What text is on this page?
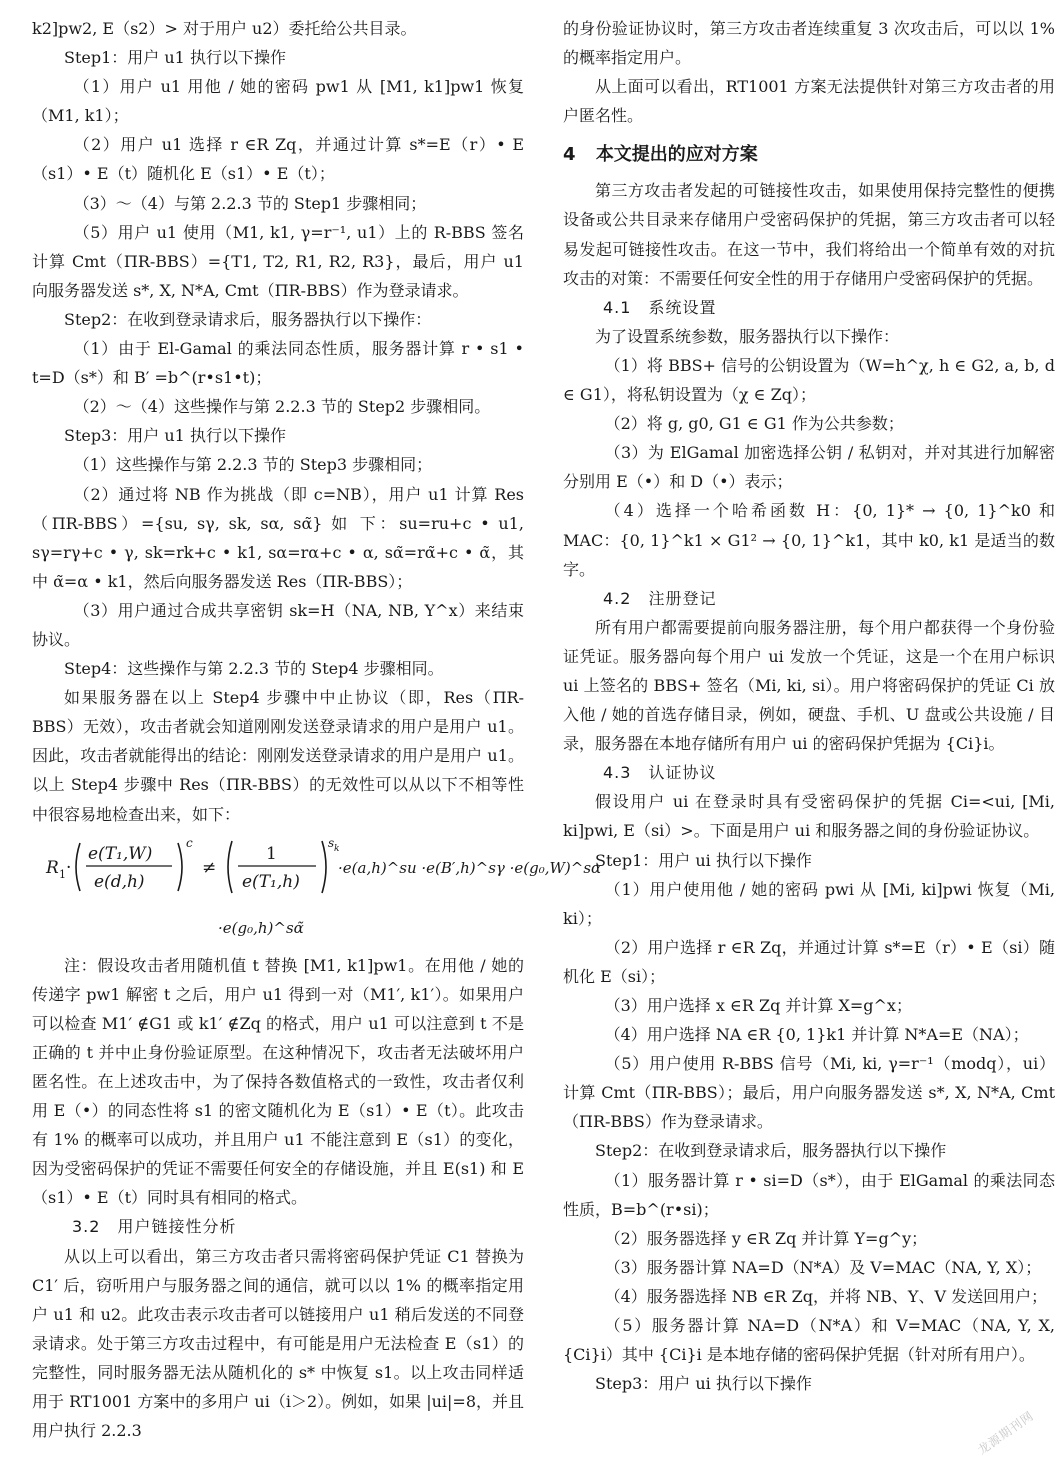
k2]pw2, E（s2）> 对于用户 u2）委托给公共目录。

Step1：用户 u1 执行以下操作

（1）用户 u1 用他 / 她的密码 pw1 从 [M1, k1]pw1 恢复（M1, k1）；

（2）用户 u1 选择 r ∈R Zq，并通过计算 s*=E（r）• E（s1）• E（t）随机化 E（s1）• E（t）；

（3）～（4）与第 2.2.3 节的 Step1 步骤相同；

（5）用户 u1 使用（M1, k1, γ=r⁻¹, u1）上的 R-BBS 签名计算 Cmt（ΠR-BBS）={T1, T2, R1, R2, R3}，最后，用户 u1 向服务器发送 s*, X, N*A, Cmt（ΠR-BBS）作为登录请求。

Step2：在收到登录请求后，服务器执行以下操作：

（1）由于 El-Gamal 的乘法同态性质，服务器计算 r • s1 • t=D（s*）和 B′ =b^(r•s1•t)；

（2）～（4）这些操作与第 2.2.3 节的 Step2 步骤相同。

Step3：用户 u1 执行以下操作

（1）这些操作与第 2.2.3 节的 Step3 步骤相同；

（2）通过将 NB 作为挑战（即 c=NB），用户 u1 计算 Res（ΠR-BBS）={su, sγ, sk, sα, sα̃} 如 下：su=ru+c • u1, sγ=rγ+c • γ, sk=rk+c • k1, sα=rα+c • α, sα̃=rα̃+c • α̃，其中 α̃=α • k1，然后向服务器发送 Res（ΠR-BBS）；

（3）用户通过合成共享密钥 sk=H（NA, NB, Y^x）来结束协议。

Step4：这些操作与第 2.2.3 节的 Step4 步骤相同。

如果服务器在以上 Step4 步骤中中止协议（即，Res（ΠR-BBS）无效），攻击者就会知道刚刚发送登录请求的用户是用户 u1。因此，攻击者就能得出的结论：刚刚发送登录请求的用户是用户 u1。以上 Step4 步骤中 Res（ΠR-BBS）的无效性可以从以下不相等性中很容易地检查出来，如下：

R 1 ·
e(T₁,W)
e(d,h)
c
≠
1
e(T₁,h)
s k
·e(a,h)^su ·e(B′,h)^sγ ·e(g₀,W)^sα
·e(g₀,h)^sα̃

注：假设攻击者用随机值 t 替换 [M1, k1]pw1。在用他 / 她的传递字 pw1 解密 t 之后，用户 u1 得到一对（M1′, k1′）。如果用户可以检查 M1′ ∉G1 或 k1′ ∉Zq 的格式，用户 u1 可以注意到 t 不是正确的 t 并中止身份验证原型。在这种情况下，攻击者无法破坏用户匿名性。在上述攻击中，为了保持各数值格式的一致性，攻击者仅利用 E（•）的同态性将 s1 的密文随机化为 E（s1）• E（t）。此攻击有 1% 的概率可以成功，并且用户 u1 不能注意到 E（s1）的变化，因为受密码保护的凭证不需要任何安全的存储设施，并且 E(s1) 和 E（s1）• E（t）同时具有相同的格式。

3.2　用户链接性分析

从以上可以看出，第三方攻击者只需将密码保护凭证 C1 替换为 C1′ 后，窃听用户与服务器之间的通信，就可以以 1% 的概率指定用户 u1 和 u2。此攻击表示攻击者可以链接用户 u1 稍后发送的不同登录请求。处于第三方攻击过程中，有可能是用户无法检查 E（s1）的完整性，同时服务器无法从随机化的 s* 中恢复 s1。以上攻击同样适用于 RT1001 方案中的多用户 ui（i＞2）。例如，如果 |ui|=8，并且用户执行 2.2.3

的身份验证协议时，第三方攻击者连续重复 3 次攻击后，可以以 1% 的概率指定用户。

从上面可以看出，RT1001 方案无法提供针对第三方攻击者的用户匿名性。

4 本文提出的应对方案

第三方攻击者发起的可链接性攻击，如果使用保持完整性的便携设备或公共目录来存储用户受密码保护的凭据，第三方攻击者可以轻易发起可链接性攻击。在这一节中，我们将给出一个简单有效的对抗攻击的对策：不需要任何安全性的用于存储用户受密码保护的凭据。

4.1　系统设置

为了设置系统参数，服务器执行以下操作：

（1）将 BBS+ 信号的公钥设置为（W=h^χ, h ∈ G2, a, b, d ∈ G1），将私钥设置为（χ ∈ Zq）；

（2）将 g, g0, G1 ∈ G1 作为公共参数；

（3）为 ElGamal 加密选择公钥 / 私钥对，并对其进行加解密分别用 E（•）和 D（•）表示；

（4）选择一个哈希函数 H：{0, 1}* → {0, 1}^k0 和 MAC：{0, 1}^k1 × G1² → {0, 1}^k1，其中 k0, k1 是适当的数字。

4.2　注册登记

所有用户都需要提前向服务器注册，每个用户都获得一个身份验证凭证。服务器向每个用户 ui 发放一个凭证，这是一个在用户标识 ui 上签名的 BBS+ 签名（Mi, ki, si）。用户将密码保护的凭证 Ci 放入他 / 她的首选存储目录，例如，硬盘、手机、U 盘或公共设施 / 目录，服务器在本地存储所有用户 ui 的密码保护凭据为 {Ci}i。

4.3　认证协议

假设用户 ui 在登录时具有受密码保护的凭据 Ci=<ui, [Mi, ki]pwi, E（si）>。下面是用户 ui 和服务器之间的身份验证协议。

Step1：用户 ui 执行以下操作

（1）用户使用他 / 她的密码 pwi 从 [Mi, ki]pwi 恢复（Mi, ki）；

（2）用户选择 r ∈R Zq，并通过计算 s*=E（r）• E（si）随机化 E（si）；

（3）用户选择 x ∈R Zq 并计算 X=g^x；

（4）用户选择 NA ∈R {0, 1}k1 并计算 N*A=E（NA）；

（5）用户使用 R-BBS 信号（Mi, ki, γ=r⁻¹（modq），ui）计算 Cmt（ΠR-BBS）；最后，用户向服务器发送 s*, X, N*A, Cmt（ΠR-BBS）作为登录请求。

Step2：在收到登录请求后，服务器执行以下操作

（1）服务器计算 r • si=D（s*），由于 ElGamal 的乘法同态性质，B=b^(r•si)；

（2）服务器选择 y ∈R Zq 并计算 Y=g^y；

（3）服务器计算 NA=D（N*A）及 V=MAC（NA, Y, X）；

（4）服务器选择 NB ∈R Zq，并将 NB、Y、V 发送回用户；

（5）服务器计算 NA=D（N*A）和 V=MAC（NA, Y, X, {Ci}i）其中 {Ci}i 是本地存储的密码保护凭据（针对所有用户）。

Step3：用户 ui 执行以下操作

龙源期刊网
